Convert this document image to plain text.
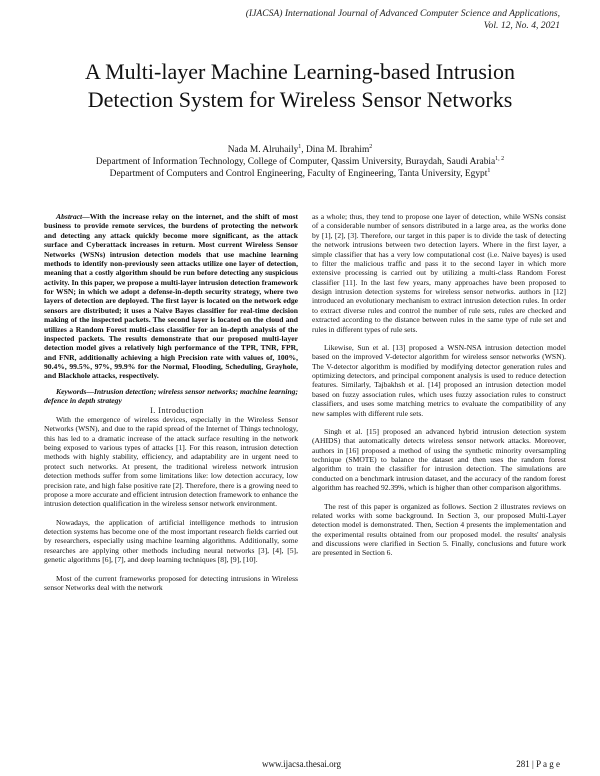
(IJACSA) International Journal of Advanced Computer Science and Applications,
Vol. 12, No. 4, 2021
A Multi-layer Machine Learning-based Intrusion
Detection System for Wireless Sensor Networks
Nada M. Alruhaily$^1$, Dina M. Ibrahim$^2$
Department of Information Technology, College of Computer, Qassim University, Buraydah, Saudi Arabia$^{1, 2}$
Department of Computers and Control Engineering, Faculty of Engineering, Tanta University, Egypt$^1$

Abstract—With the increase relay on the internet, and the shift of most business to provide remote services, the burdens of protecting the network and detecting any attack quickly become more significant, as the attack surface and Cyberattack increases in return. Most current Wireless Sensor Networks (WSNs) intrusion detection models that use machine learning methods to identify non-previously seen attacks utilize one layer of detection, meaning that a costly algorithm should be run before detecting any suspicious activity. In this paper, we propose a multi-layer intrusion detection framework for WSN; in which we adopt a defense-in-depth security strategy, where two layers of detection are deployed. The first layer is located on the network edge sensors are distributed; it uses a Naive Bayes classifier for real-time decision making of the inspected packets. The second layer is located on the cloud and utilizes a Random Forest multi-class classifier for an in-depth analysis of the inspected packets. The results demonstrate that our proposed multi-layer detection model gives a relatively high performance of the TPR, TNR, FPR, and FNR, additionally achieving a high Precision rate with values of, 100%, 90.4%, 99.5%, 97%, 99.9% for the Normal, Flooding, Scheduling, Grayhole, and Blackhole attacks, respectively.

Keywords—Intrusion detection; wireless sensor networks; machine learning; defence in depth strategy

I. Introduction

With the emergence of wireless devices, especially in the Wireless Sensor Networks (WSN), and due to the rapid spread of the Internet of Things technology, this has led to a dramatic increase of the attack surface resulting in the network being exposed to various types of attacks [1]. For this reason, intrusion detection methods with highly stability, efficiency, and adaptability are in urgent need to protect such networks. At present, the traditional wireless network intrusion detection methods suffer from some limitations like: low detection accuracy, low precision rate, and high false positive rate [2]. Therefore, there is a growing need to propose a more accurate and efficient intrusion detection framework to enhance the intrusion detection qualification in the wireless sensor network environment.

Nowadays, the application of artificial intelligence methods to intrusion detection systems has become one of the most important research fields carried out by researchers, especially using machine learning algorithms. Additionally, some researches are applying other methods including neural networks [3], [4], [5], genetic algorithms [6], [7], and deep learning techniques [8], [9], [10].

Most of the current frameworks proposed for detecting intrusions in Wireless sensor Networks deal with the network

as a whole; thus, they tend to propose one layer of detection, while WSNs consist of a considerable number of sensors distributed in a large area, as the works done by [1], [2], [3]. Therefore, our target in this paper is to divide the task of detecting the network intrusions between two detection layers. Where in the first layer, a simple classifier that has a very low computational cost (i.e. Naive bayes) is used to filter the malicious traffic and pass it to the second layer in which more extensive processing is carried out by utilizing a multi-class Random Forest classifier [11]. In the last few years, many approaches have been proposed to design intrusion detection systems for wireless sensor networks. authors in [12] introduced an evolutionary mechanism to extract intrusion detection rules. In order to extract diverse rules and control the number of rule sets, rules are checked and extracted according to the distance between rules in the same type of rule set and rules in different types of rule sets.

Likewise, Sun et al. [13] proposed a WSN-NSA intrusion detection model based on the improved V-detector algorithm for wireless sensor networks (WSN). The V-detector algorithm is modified by modifying detector generation rules and optimizing detectors, and principal component analysis is used to reduce detection features. Similarly, Tajbakhsh et al. [14] proposed an intrusion detection model based on fuzzy association rules, which uses fuzzy association rules to construct classifiers, and uses some matching metrics to evaluate the compatibility of any new samples with different rule sets.

Singh et al. [15] proposed an advanced hybrid intrusion detection system (AHIDS) that automatically detects wireless sensor network attacks. Moreover, authors in [16] proposed a method of using the synthetic minority oversampling technique (SMOTE) to balance the dataset and then uses the random forest algorithm to train the classifier for intrusion detection. The simulations are conducted on a benchmark intrusion dataset, and the accuracy of the random forest algorithm has reached 92.39%, which is higher than other comparison algorithms.

The rest of this paper is organized as follows. Section 2 illustrates reviews on related works with some background. In Section 3, our proposed Multi-Layer detection model is demonstrated. Then, Section 4 presents the implementation and the experimental results obtained from our proposed model. the results' analysis and discussions were clarified in Section 5. Finally, conclusions and future work are presented in Section 6.

www.ijacsa.thesai.org	281 | P a g e
